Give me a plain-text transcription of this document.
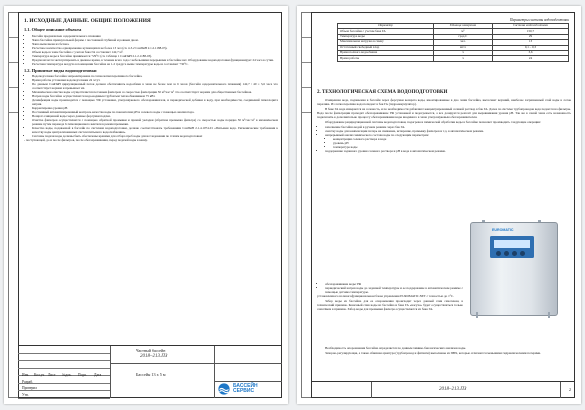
1. ИСХОДНЫЕ ДАННЫЕ. ОБЩИЕ ПОЛОЖЕНИЯ
1.1. Общее описание объекта
• Бассейн предназначен оздоровительного плавания
• Чаша бассейна прямоугольной формы с постоянной глубиной и ровным дном.
• Чаша выполнена из бетона.
• Расчетное количество одновременно купающихся не более 13 чел (сп. п.3.2 СанПиН 2.1.2.1188-03).
• Объем воды в чаше бассейна с учетом бака ГА составляет 142,7 м³.
• Температура воды в бассейне принимается +29°С (сп. таблица 1 СанПиН 2.1.2.1188-03).
• Предполагается эксплуатировать в дневное время, в течение всего года с небольшими перерывами в бассейне нет. Оборудование водоподготовки функционирует 24 часа в сутки.
• Расчетная температура воздуха в помещении бассейна на 1-2 градуса выше температуры воды и составляет +30°С.
1.2. Принятые виды водоподготовки
• Водоподготовка бассейна запроектирована по технологии переливного бассейна.
• Время работы установки водоподготовки 24 ч/сут.
• По данным СанПиН циркуляционный поток должен обеспечивать водообмен в чаше не более чем за 6 часов (бассейн оздоровительного плавания) 142,7 / 40 = 3,6 часа что соответствует нормам и превышает их.
• Механическая очистка воды осуществляется песчаным фильтром со скоростью фильтрации 50 м³/час·м² что соответствует нормам для общественных бассейнов.
• Нагрев воды бассейна осуществляется водо-водяным трубчатым теплообменником 75 кВт.
• Дезинфекция воды производится с помощью УФ установки, ультразвукового обеззараживателя, и периодической добавки в воду, при необходимости, соединений гипохлорита натрия.
• Корректировка уровня pH.
• Постоянный автоматизированный контроль качества воды по показателям pH и солевого воды с помощью анализатора.
• Возврат очищенной воды через донные форсунки подачи.
• Очистка фильтров осуществляется с помощью обратной промывки и прямой укладки (обратная промывка фильтра) со скоростью воды порядка 50 м³/час·м² в механическом режиме путем перевода 6-типозиционного вентиля в режим промывки.
• Качество воды, подаваемой в бассейн по системам водоподготовки, должно соответствовать требованиям СанПиН 2.1.4.1074-01 «Питьевая вода. Гигиенические требования к качеству воды централизованных систем питьевого водоснабжения».
• Системы подачи воды должны быть обеспечены кранами для отбора проб воды для исследования по этапам водоподготовки:
- поступающей, до и после фильтров, после обеззараживания, перед подачей воды в ванну.
Изм. Кол.уч Лист №док. Подп. Дата
Разраб.
Проверил
Утв.
Частный бассейн
2018–213.ПЗ
Бассейн 13 х 5 м
БАССЕЙН
СЕРВИС
Параметры системы водоподготовки
Параметр	Единица измерения	Система водоподготовки
Объем бассейна с учетом бака ГА	м³	150,7
Температура воды	град.С	29
Максимальная нагрузка в смену	чел.	13
Остаточный свободный хлор	мг/л	0,1 – 0,3
Время полного водообмена	ч	3,6
Время работы	ч	24
2. ТЕХНОЛОГИЧЕСКАЯ СХЕМА ВОДОПОДГОТОВКИ
Очищенная вода, подаваемая в бассейн через форсунки возврата воды, вмонтированные в дно чаши бассейна, вытесняет верхний, наиболее загрязненный слой воды в лоток перелива. Из лотка перелива вода попадает в бак ГА (гидроаккумулятор).
В баке ГА вода измеряется на соленость, и по необходимости добавляют концентрированный соляной раствор в бак ГА. Далее по системе трубопроводов вода подается на фильтры. Вода после фильтрации проходит обеззараживание УФ установкой и подогревается, а все дозируется реагент для выравнивания уровня pH. Так же в самой чаше есть возможность подключить к дополнительно процессу обеззараживания воды вводимого в чаше ультразвуковым обеззараживателем.
Оборудование рециркуляционной системы водоподготовки, подогрева и химической обработки воды в бассейне позволяет производить следующие операции:
• заполнение бассейна водой в ручном режиме через бак ГА.
• очистку воды для компенсации потерь на снижение, испарение, промывку фильтров и т.д. в автоматическом режиме.
• непрерывный анализ химического состава воды по следующим параметрам:
• концентрация солевого раствора в воде
• уровень pH
• температура воды
• поддержание заданного уровня солевого раствора и pH в воде в автоматическом режиме.
• обеззараживание воды УФ
• периодический нагрев воды до заданной температуры и ее поддержание в автоматическом режиме с помощью датчика температуры.
установленного на многофункциональном блоке управления EUROMATIC.NET с точностью до 1°С.
Забор воды из бассейна для ее опорожнения происходит через донный слив самотеком, в технический приямок. Конечный слив воды из бассейна и бака ГА «насухо» будет осуществляться только самотёком в приямок. Забор воды для промывки фильтра осуществляется из бака ГА.
Необходимость опорожнения бассейна определяется по данным химико-биологических анализов воды.
Запорно-регулирующая, а также обвязная арматура (трубопровод и фитинги) выполнены из ПВХ, которые отличаются меньшими гидравлическими потерями.
EUROMATIC
2018–213.ПЗ	2
